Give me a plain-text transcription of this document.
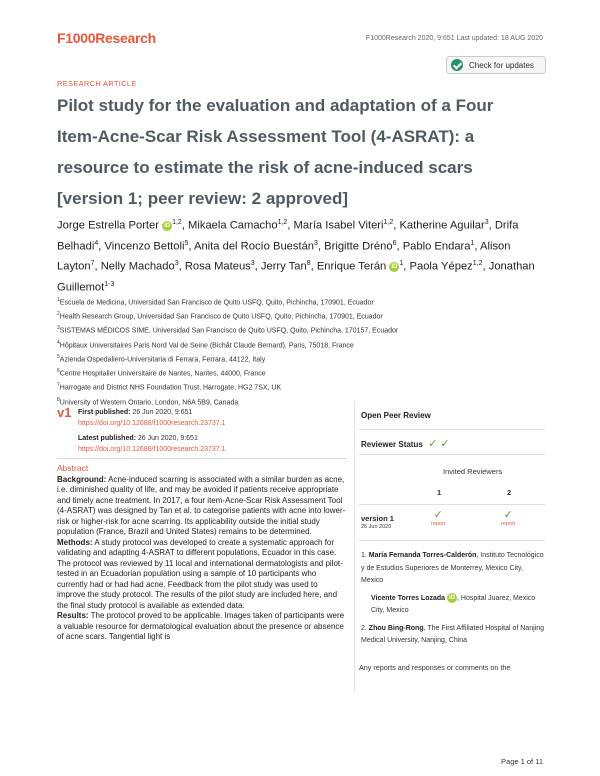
F1000Research	F1000Research 2020, 9:651 Last updated: 18 AUG 2020
Check for updates
RESEARCH ARTICLE
Pilot study for the evaluation and adaptation of a Four Item-Acne-Scar Risk Assessment Tool (4-ASRAT): a resource to estimate the risk of acne-induced scars [version 1; peer review: 2 approved]
Jorge Estrella Porter iD $^{1,2}$, Mikaela Camacho$^{1,2}$, María Isabel Viteri$^{1,2}$, Katherine Aguilar$^3$, Drifa Belhadi$^4$, Vincenzo Bettoli$^5$, Anita del Rocío Buestán$^3$, Brigitte Dréno$^6$, Pablo Endara$^1$, Alison Layton$^7$, Nelly Machado$^3$, Rosa Mateus$^3$, Jerry Tan$^8$, Enrique Terán iD $^1$, Paola Yépez$^{1,2}$, Jonathan Guillemot$^{1-3}$
$^1$Escuela de Medicina, Universidad San Francisco de Quito USFQ, Quito, Pichincha, 170901, Ecuador
$^2$Health Research Group, Universidad San Francisco de Quito USFQ, Quito, Pichincha, 170901, Ecuador
$^3$SISTEMAS MÉDICOS SIME, Universidad San Francisco de Quito USFQ, Quito, Pichincha, 170157, Ecuador
$^4$Hôpitaux Universitaires Paris Nord Val de Seine (Bichât Claude Bernard), Paris, 75018, France
$^5$Azienda Ospedaliero-Universitaria di Ferrara, Ferrara, 44122, Italy
$^6$Centre Hospitalier Universitaire de Nantes, Nantes, 44000, France
$^7$Harrogate and District NHS Foundation Trust, Harrogate, HG2 7SX, UK
$^8$University of Western Ontario, London, N6A 5B9, Canada
v1 First published: 26 Jun 2020, 9:651
https://doi.org/10.12688/f1000research.23737.1
Latest published: 26 Jun 2020, 9:651
https://doi.org/10.12688/f1000research.23737.1
Abstract
Background: Acne-induced scarring is associated with a similar burden as acne, i.e. diminished quality of life, and may be avoided if patients receive appropriate and timely acne treatment. In 2017, a four item-Acne-Scar Risk Assessment Tool (4-ASRAT) was designed by Tan et al. to categorise patients with acne into lower-risk or higher-risk for acne scarring. Its applicability outside the initial study population (France, Brazil and United States) remains to be determined.
Methods: A study protocol was developed to create a systematic approach for validating and adapting 4-ASRAT to different populations, Ecuador in this case. The protocol was reviewed by 11 local and international dermatologists and pilot-tested in an Ecuadorian population using a sample of 10 participants who currently had or had had acne. Feedback from the pilot study was used to improve the study protocol. The results of the pilot study are included here, and the final study protocol is available as extended data.
Results: The protocol proved to be applicable. Images taken of participants were a valuable resource for dermatological evaluation about the presence or absence of acne scars. Tangential light is
Open Peer Review
Reviewer Status  ✓ ✓
Invited Reviewers
1	2
version 1
26 Jun 2020
✓
report
✓
report
1. María Fernanda Torres-Calderón, Instituto Tecnológico y de Estudios Superiores de Monterrey, Mexico City, Mexico
Vicente Torres Lozada iD , Hospital Juarez, Mexico City, Mexico
2. Zhou Bing-Rong, The First Affiliated Hospital of Nanjing Medical University, Nanjing, China
Any reports and responses or comments on the
Page 1 of 11
